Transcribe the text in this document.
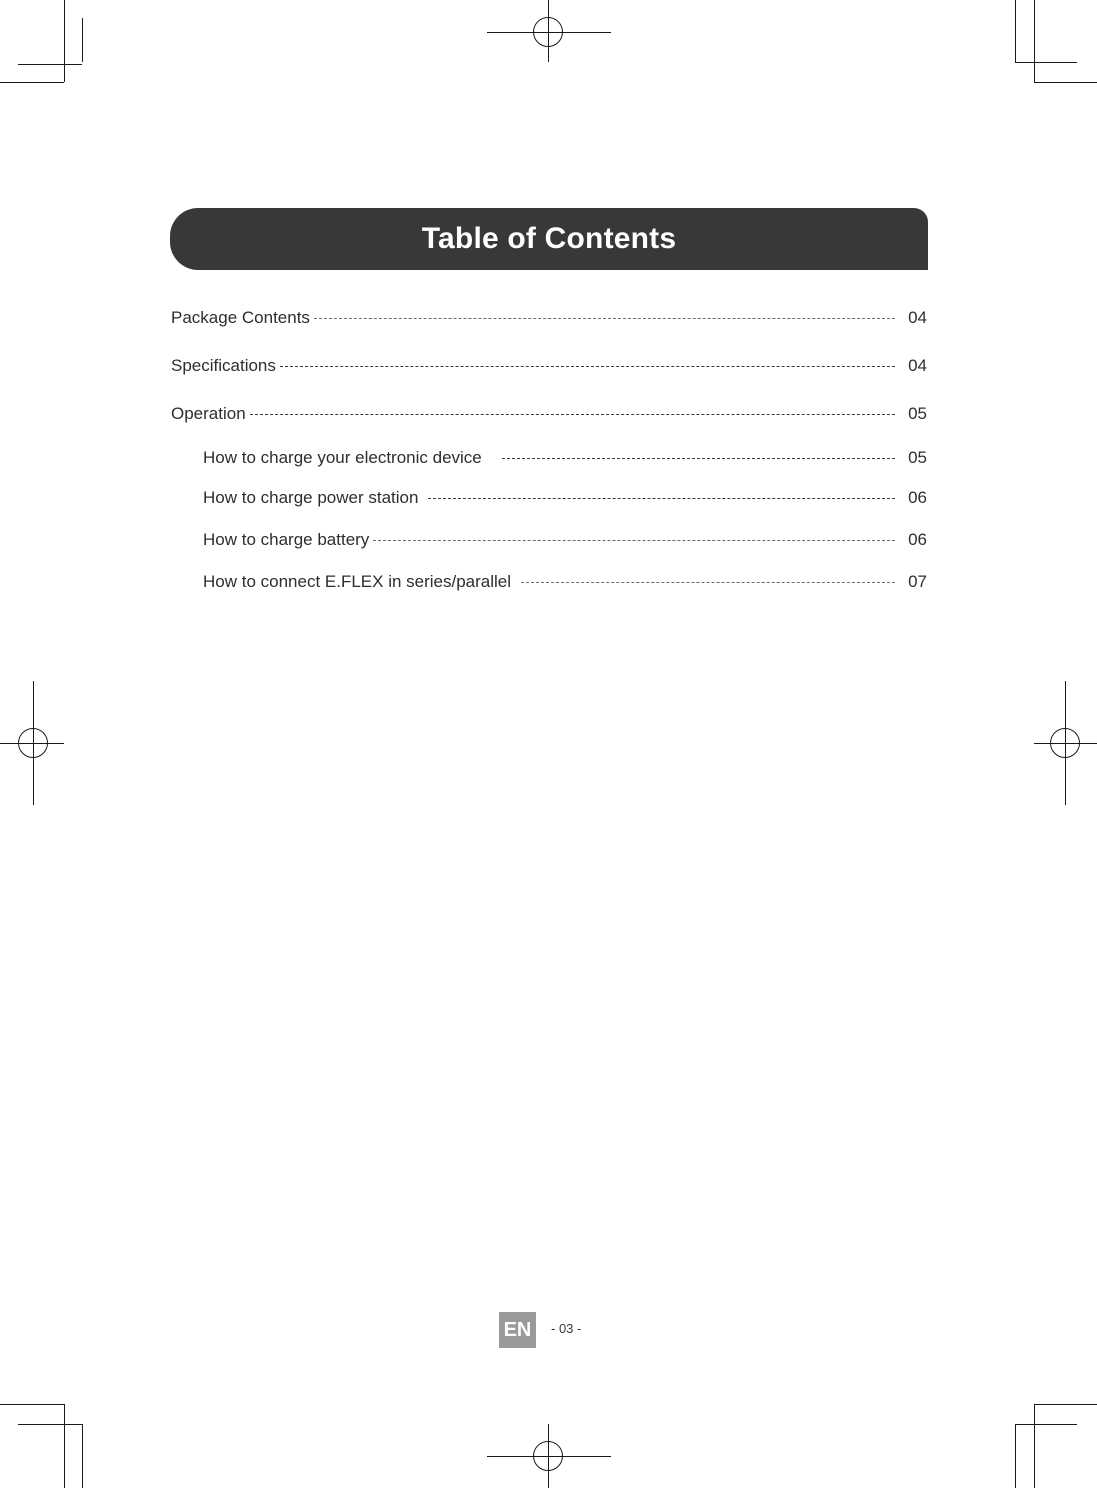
Table of Contents
Package Contents	04
Specifications	04
Operation	05
How to charge your electronic device	05
How to charge power station	06
How to charge battery	06
How to connect E.FLEX in series/parallel	07
EN	- 03 -
